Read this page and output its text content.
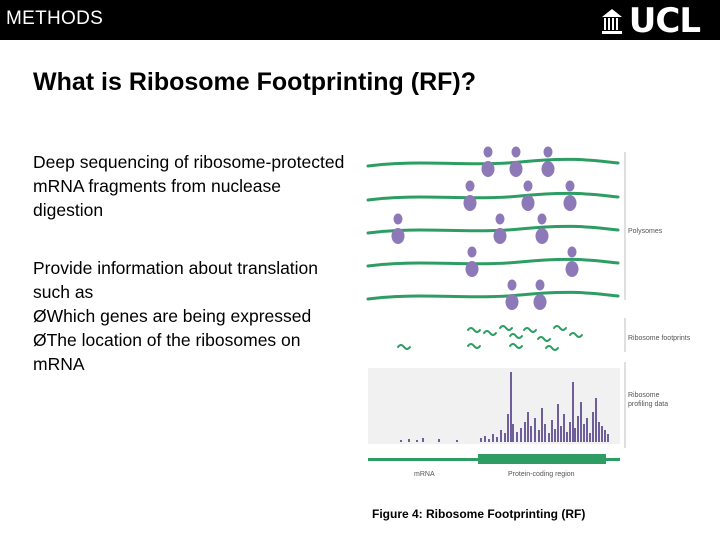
METHODS	UCL
What is Ribosome Footprinting (RF)?
Deep sequencing of ribosome-protected mRNA fragments from nuclease digestion
Provide information about translation such as
ØWhich genes are being expressed
ØThe location of the ribosomes on mRNA
Polysomes
Ribosome footprints
Ribosome
profiling data
mRNA	Protein-coding region
Figure 4: Ribosome Footprinting (RF)
